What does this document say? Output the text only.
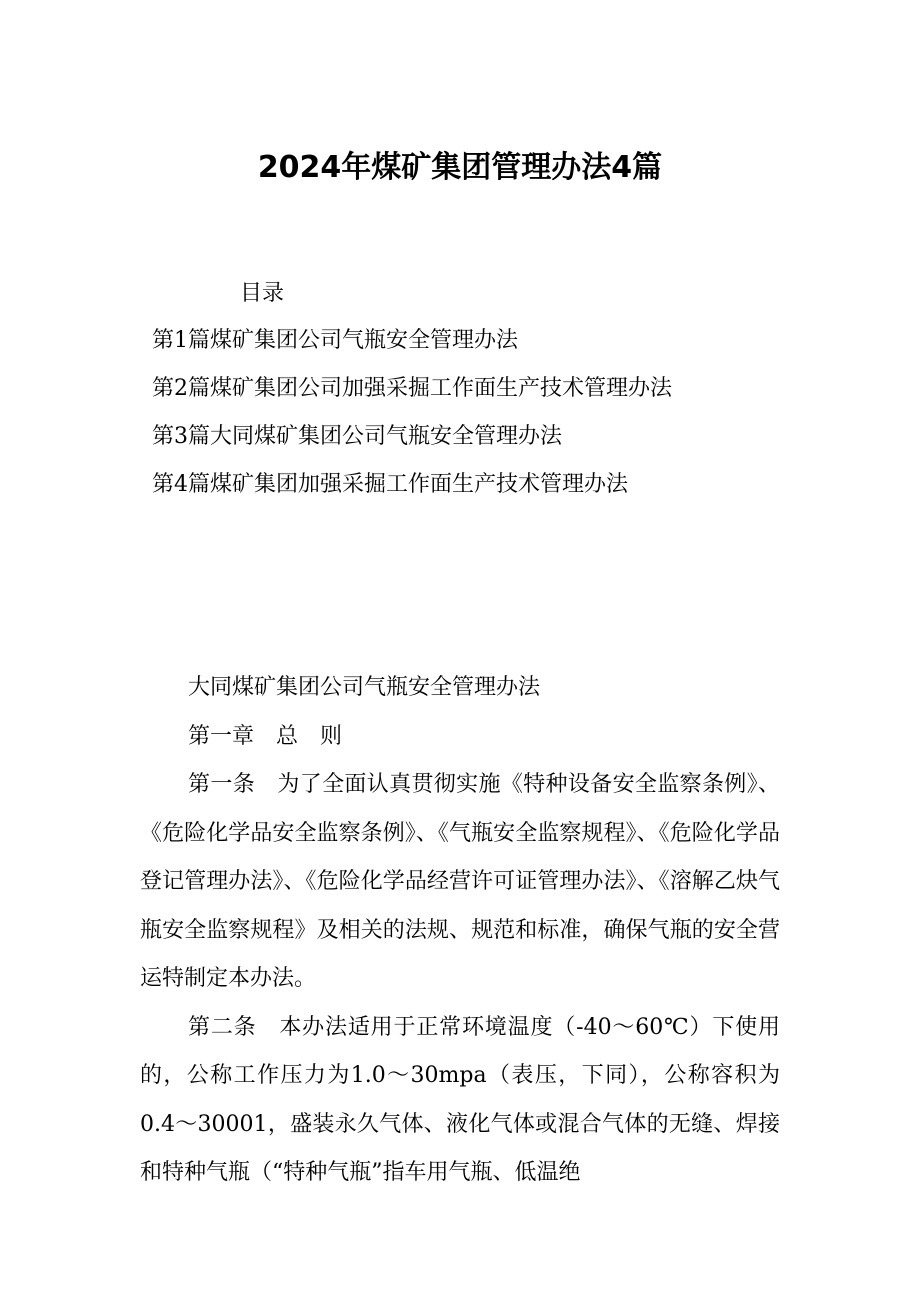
2024年煤矿集团管理办法4篇
目录
第1篇煤矿集团公司气瓶安全管理办法
第2篇煤矿集团公司加强采掘工作面生产技术管理办法
第3篇大同煤矿集团公司气瓶安全管理办法
第4篇煤矿集团加强采掘工作面生产技术管理办法

大同煤矿集团公司气瓶安全管理办法

第一章　总　则

第一条　为了全面认真贯彻实施《特种设备安全监察条例》、《危险化学品安全监察条例》、《气瓶安全监察规程》、《危险化学品登记管理办法》、《危险化学品经营许可证管理办法》、《溶解乙炔气瓶安全监察规程》及相关的法规、规范和标准，确保气瓶的安全营运特制定本办法。

第二条　本办法适用于正常环境温度（-40～60℃）下使用的，公称工作压力为1.0～30mpa（表压，下同），公称容积为0.4～30001，盛装永久气体、液化气体或混合气体的无缝、焊接和特种气瓶（“特种气瓶”指车用气瓶、低温绝
